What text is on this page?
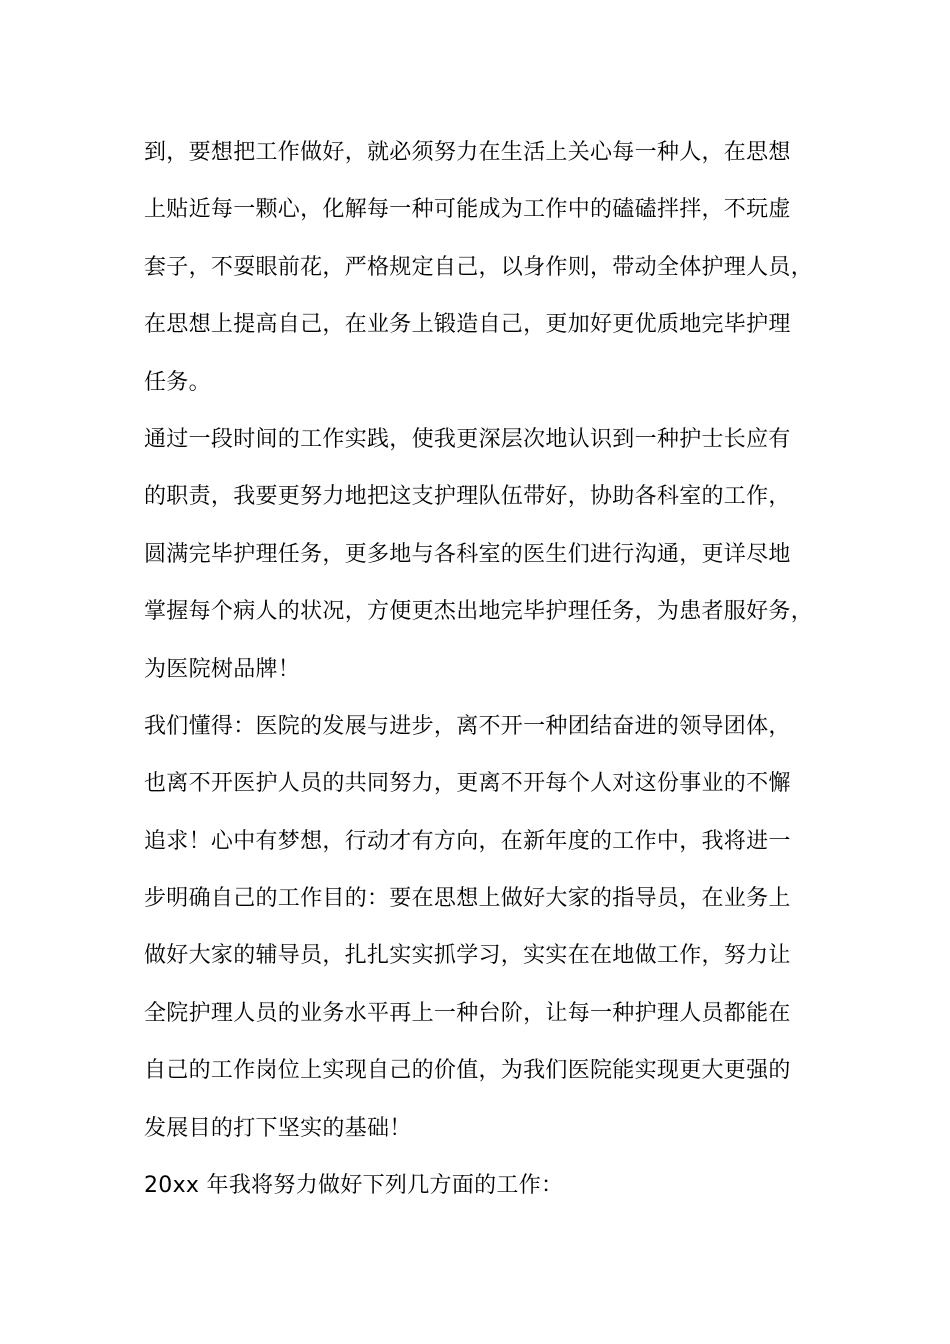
到，要想把工作做好，就必须努力在生活上关心每一种人，在思想
上贴近每一颗心，化解每一种可能成为工作中的磕磕拌拌，不玩虚
套子，不耍眼前花，严格规定自己，以身作则，带动全体护理人员，
在思想上提高自己，在业务上锻造自己，更加好更优质地完毕护理
任务。
通过一段时间的工作实践，使我更深层次地认识到一种护士长应有
的职责，我要更努力地把这支护理队伍带好，协助各科室的工作，
圆满完毕护理任务，更多地与各科室的医生们进行沟通，更详尽地
掌握每个病人的状况，方便更杰出地完毕护理任务，为患者服好务，
为医院树品牌！
我们懂得：医院的发展与进步，离不开一种团结奋进的领导团体，
也离不开医护人员的共同努力，更离不开每个人对这份事业的不懈
追求！心中有梦想，行动才有方向，在新年度的工作中，我将进一
步明确自己的工作目的：要在思想上做好大家的指导员，在业务上
做好大家的辅导员，扎扎实实抓学习，实实在在地做工作，努力让
全院护理人员的业务水平再上一种台阶，让每一种护理人员都能在
自己的工作岗位上实现自己的价值，为我们医院能实现更大更强的
发展目的打下坚实的基础！
20xx 年我将努力做好下列几方面的工作：
